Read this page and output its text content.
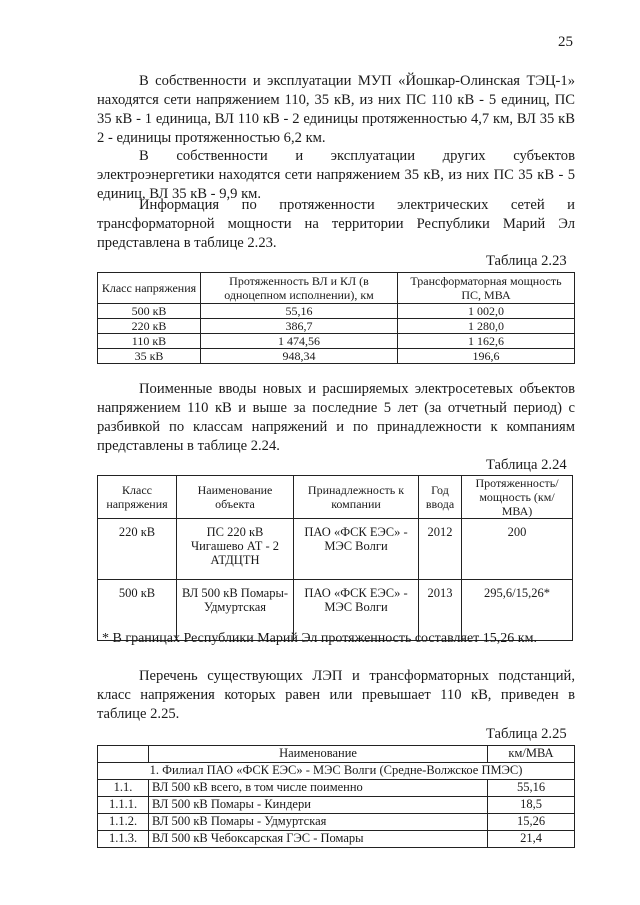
25

В собственности и эксплуатации МУП «Йошкар-Олинская ТЭЦ-1» находятся сети напряжением 110, 35 кВ, из них ПС 110 кВ - 5 единиц, ПС 35 кВ - 1 единица, ВЛ 110 кВ - 2 единицы протяженностью 4,7 км, ВЛ 35 кВ 2 - единицы протяженностью 6,2 км.

В собственности и эксплуатации других субъектов электроэнергетики находятся сети напряжением 35 кВ, из них ПС 35 кВ - 5 единиц, ВЛ 35 кВ - 9,9 км.

Информация по протяженности электрических сетей и трансформаторной мощности на территории Республики Марий Эл представлена в таблице 2.23.

Таблица 2.23
Класс напряжения	Протяженность ВЛ и КЛ (в одноцепном исполнении), км	Трансформаторная мощность ПС, МВА
500 кВ	55,16	1 002,0
220 кВ	386,7	1 280,0
110 кВ	1 474,56	1 162,6
35 кВ	948,34	196,6

Поименные вводы новых и расширяемых электросетевых объектов напряжением 110 кВ и выше за последние 5 лет (за отчетный период) с разбивкой по классам напряжений и по принадлежности к компаниям представлены в таблице 2.24.

Таблица 2.24
Класс напряжения	Наименование объекта	Принадлежность к компании	Год ввода	Протяженность/ мощность (км/МВА)
220 кВ	ПС 220 кВ Чигашево АТ - 2 АТДЦТН	ПАО «ФСК ЕЭС» - МЭС Волги	2012	200
500 кВ	ВЛ 500 кВ Помары- Удмуртская	ПАО «ФСК ЕЭС» - МЭС Волги	2013	295,6/15,26*
* В границах Республики Марий Эл протяженность составляет 15,26 км.

Перечень существующих ЛЭП и трансформаторных подстанций, класс напряжения которых равен или превышает 110 кВ, приведен в таблице 2.25.

Таблица 2.25
	Наименование	км/МВА
1. Филиал ПАО «ФСК ЕЭС» - МЭС Волги (Средне-Волжское ПМЭС)		
1.1.	ВЛ 500 кВ всего, в том числе поименно	55,16
1.1.1.	ВЛ 500 кВ Помары - Киндери	18,5
1.1.2.	ВЛ 500 кВ Помары - Удмуртская	15,26
1.1.3.	ВЛ 500 кВ Чебоксарская ГЭС - Помары	21,4
